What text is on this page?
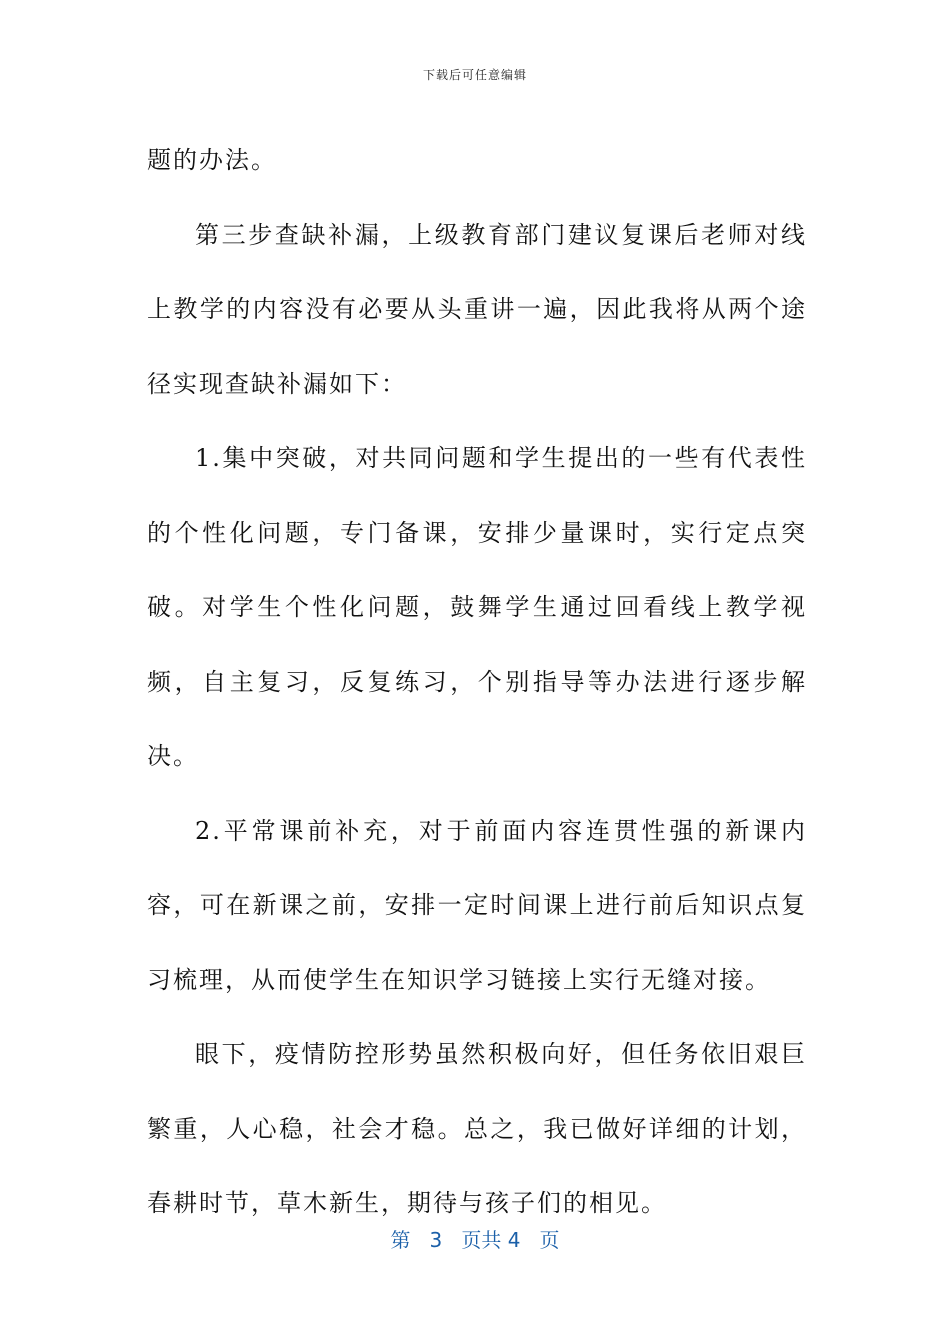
下载后可任意编辑

题的办法。

第三步查缺补漏，上级教育部门建议复课后老师对线上教学的内容没有必要从头重讲一遍，因此我将从两个途径实现查缺补漏如下：

1.集中突破，对共同问题和学生提出的一些有代表性的个性化问题，专门备课，安排少量课时，实行定点突破。对学生个性化问题，鼓舞学生通过回看线上教学视频，自主复习，反复练习，个别指导等办法进行逐步解决。

2.平常课前补充，对于前面内容连贯性强的新课内容，可在新课之前，安排一定时间课上进行前后知识点复习梳理，从而使学生在知识学习链接上实行无缝对接。

眼下，疫情防控形势虽然积极向好，但任务依旧艰巨繁重，人心稳，社会才稳。总之，我已做好详细的计划，春耕时节，草木新生，期待与孩子们的相见。

第 3 页共 4 页
